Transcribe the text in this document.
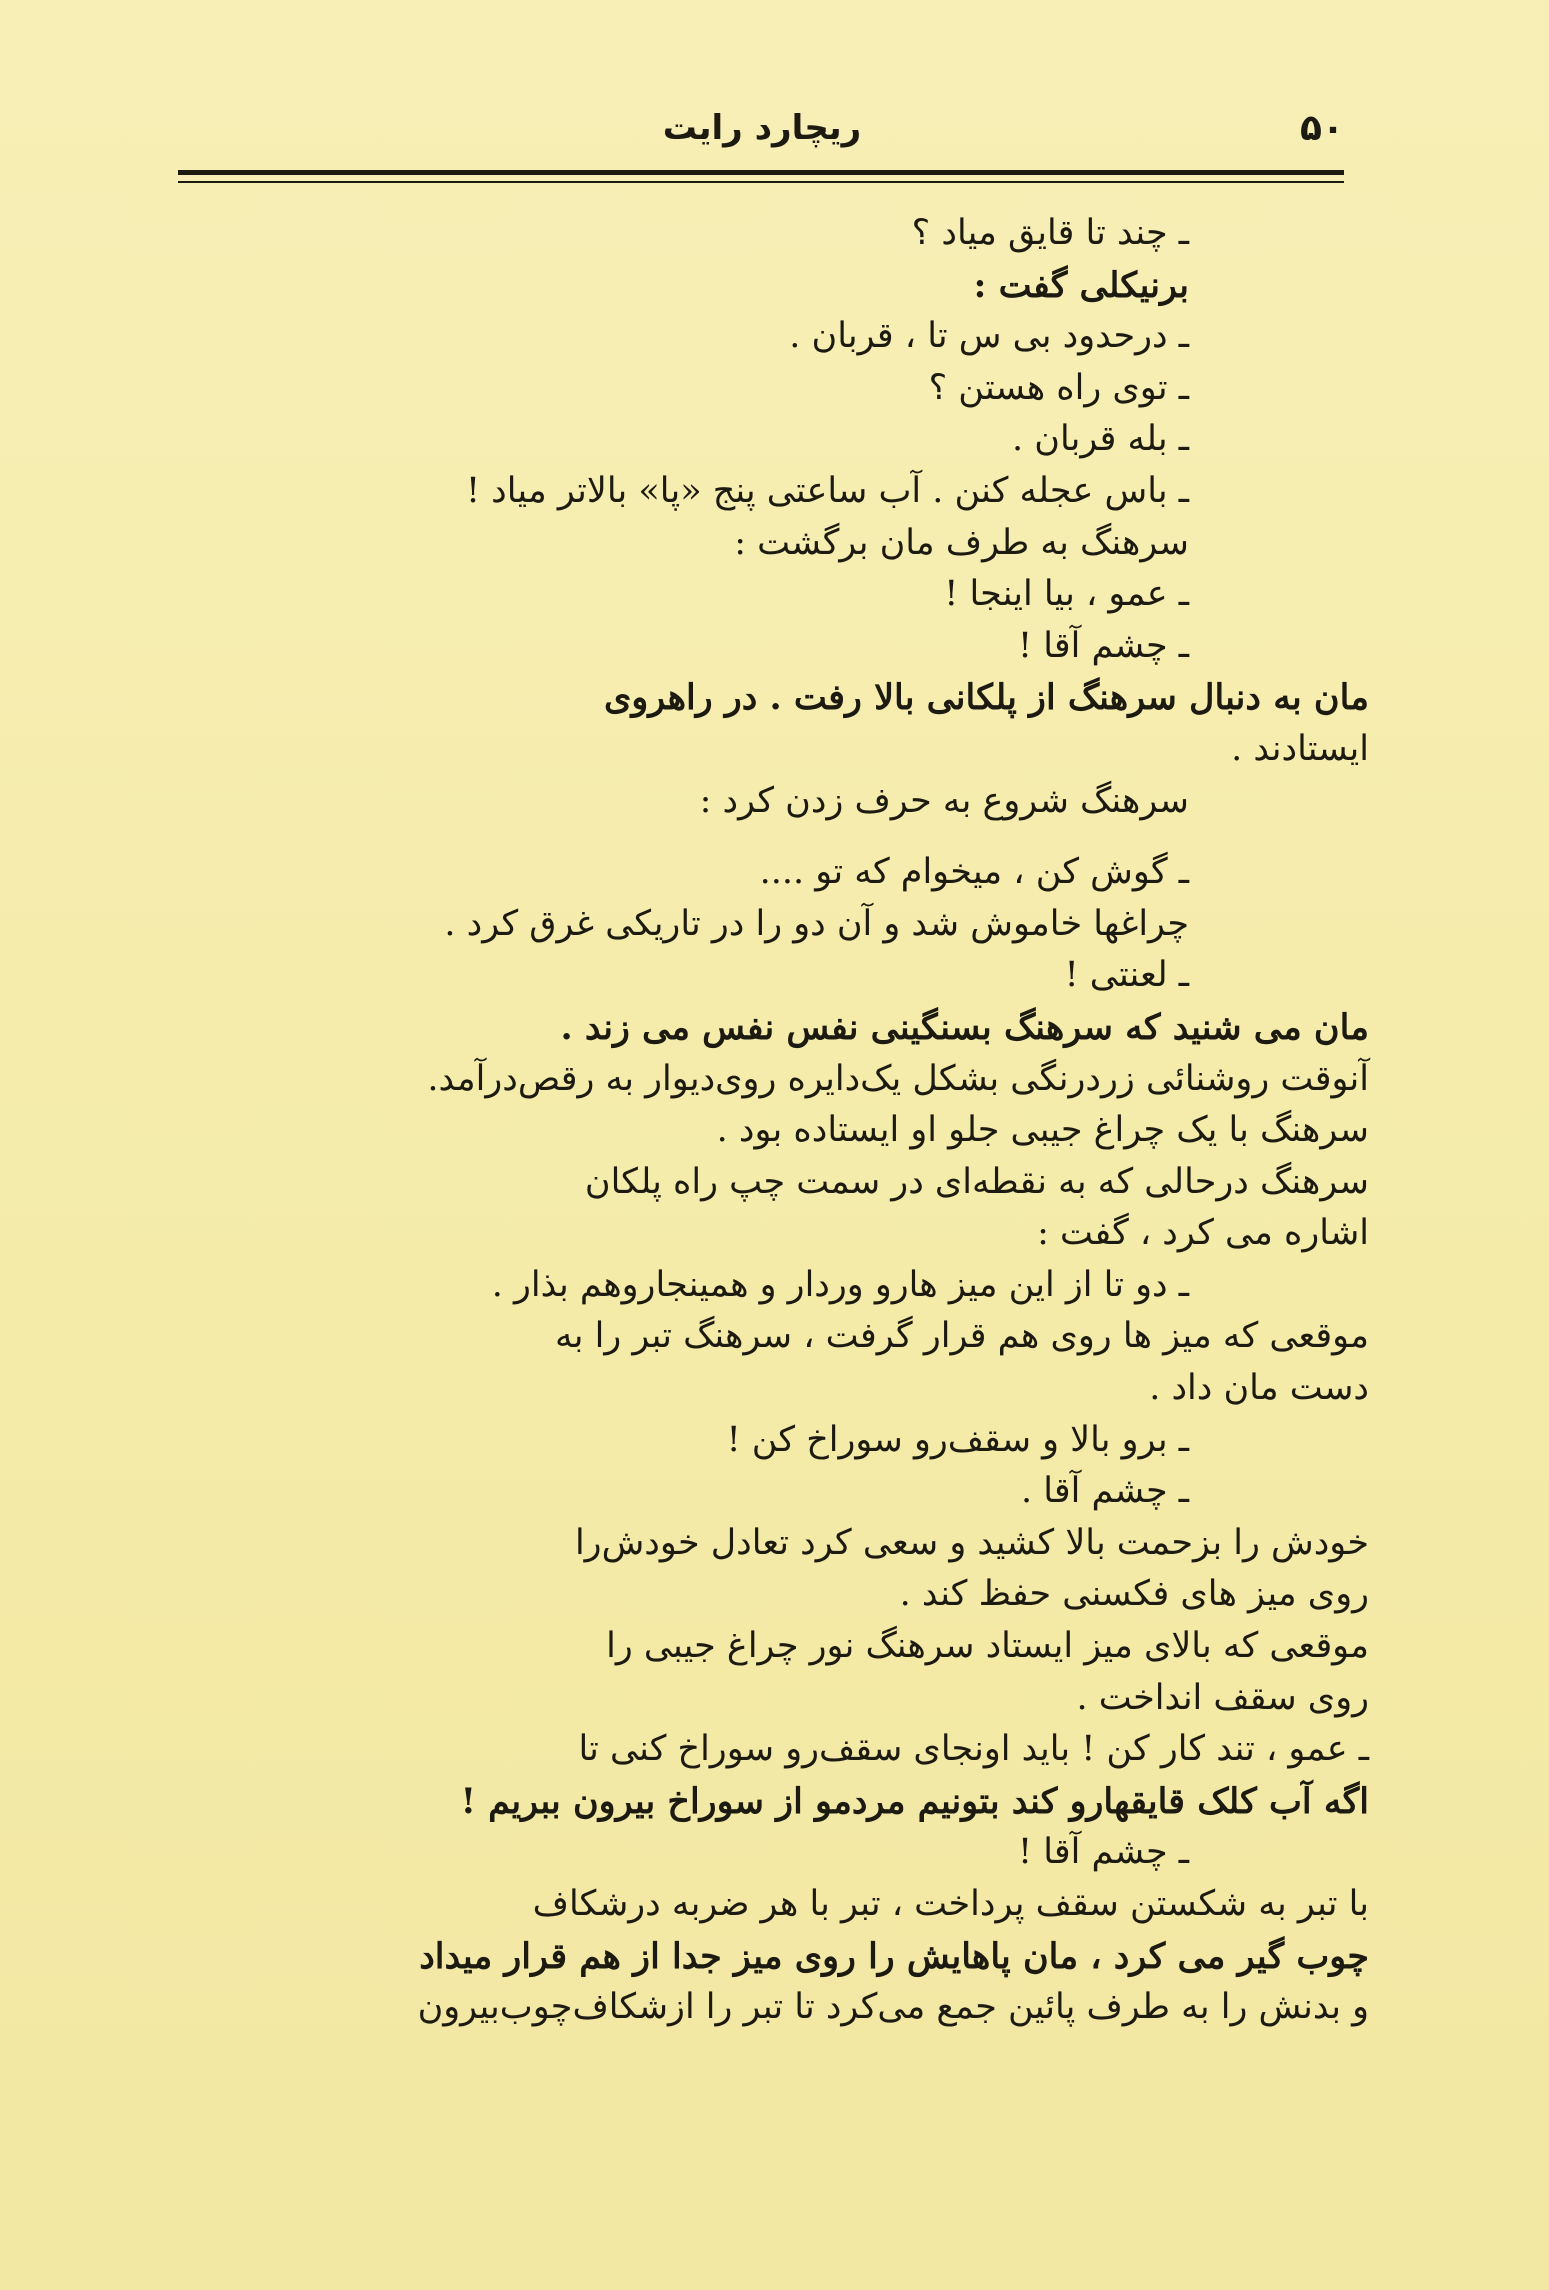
۵۰
ریچارد رایت
ـ چند تا قایق میاد ؟
برنیکلی گفت :
ـ درحدود بی س تا ، قربان .
ـ توی راه هستن ؟
ـ بله قربان .
ـ باس عجله کنن . آب ساعتی پنج «پا» بالاتر میاد !
سرهنگ به طرف مان برگشت :
ـ عمو ، بیا اینجا !
ـ چشم آقا !
مان به دنبال سرهنگ از پلکانی بالا رفت . در راهروی
ایستادند .
سرهنگ شروع به حرف زدن کرد :
ـ گوش کن ، میخوام که تو ....
چراغها خاموش شد و آن دو را در تاریکی غرق کرد .
ـ لعنتی !
مان می شنید که سرهنگ بسنگینی نفس نفس می زند .
آنوقت روشنائی زردرنگی بشکل یک‌دایره روی‌دیوار به رقص‌درآمد.
سرهنگ با یک چراغ جیبی جلو او ایستاده بود .
سرهنگ درحالی که به نقطه‌ای در سمت چپ راه پلکان
اشاره می کرد ، گفت :
ـ دو تا از این میز هارو وردار و همینجاروهم بذار .
موقعی که میز ها روی هم قرار گرفت ، سرهنگ تبر را به
دست مان داد .
ـ برو بالا و سقف‌رو سوراخ کن !
ـ چشم آقا .
خودش را بزحمت بالا کشید و سعی کرد تعادل خودش‌را
روی میز های فکسنی حفظ کند .
موقعی که بالای میز ایستاد سرهنگ نور چراغ جیبی را
روی سقف انداخت .
ـ عمو ، تند کار کن ! باید اونجای سقف‌رو سوراخ کنی تا
اگه آب کلک قایقهارو کند بتونیم مردمو از سوراخ بیرون ببریم !
ـ چشم آقا !
با تبر به شکستن سقف پرداخت ، تبر با هر ضربه درشکاف
چوب گیر می کرد ، مان پاهایش را روی میز جدا از هم قرار میداد
و بدنش را به طرف پائین جمع می‌کرد تا تبر را ازشکاف‌چوب‌بیرون
